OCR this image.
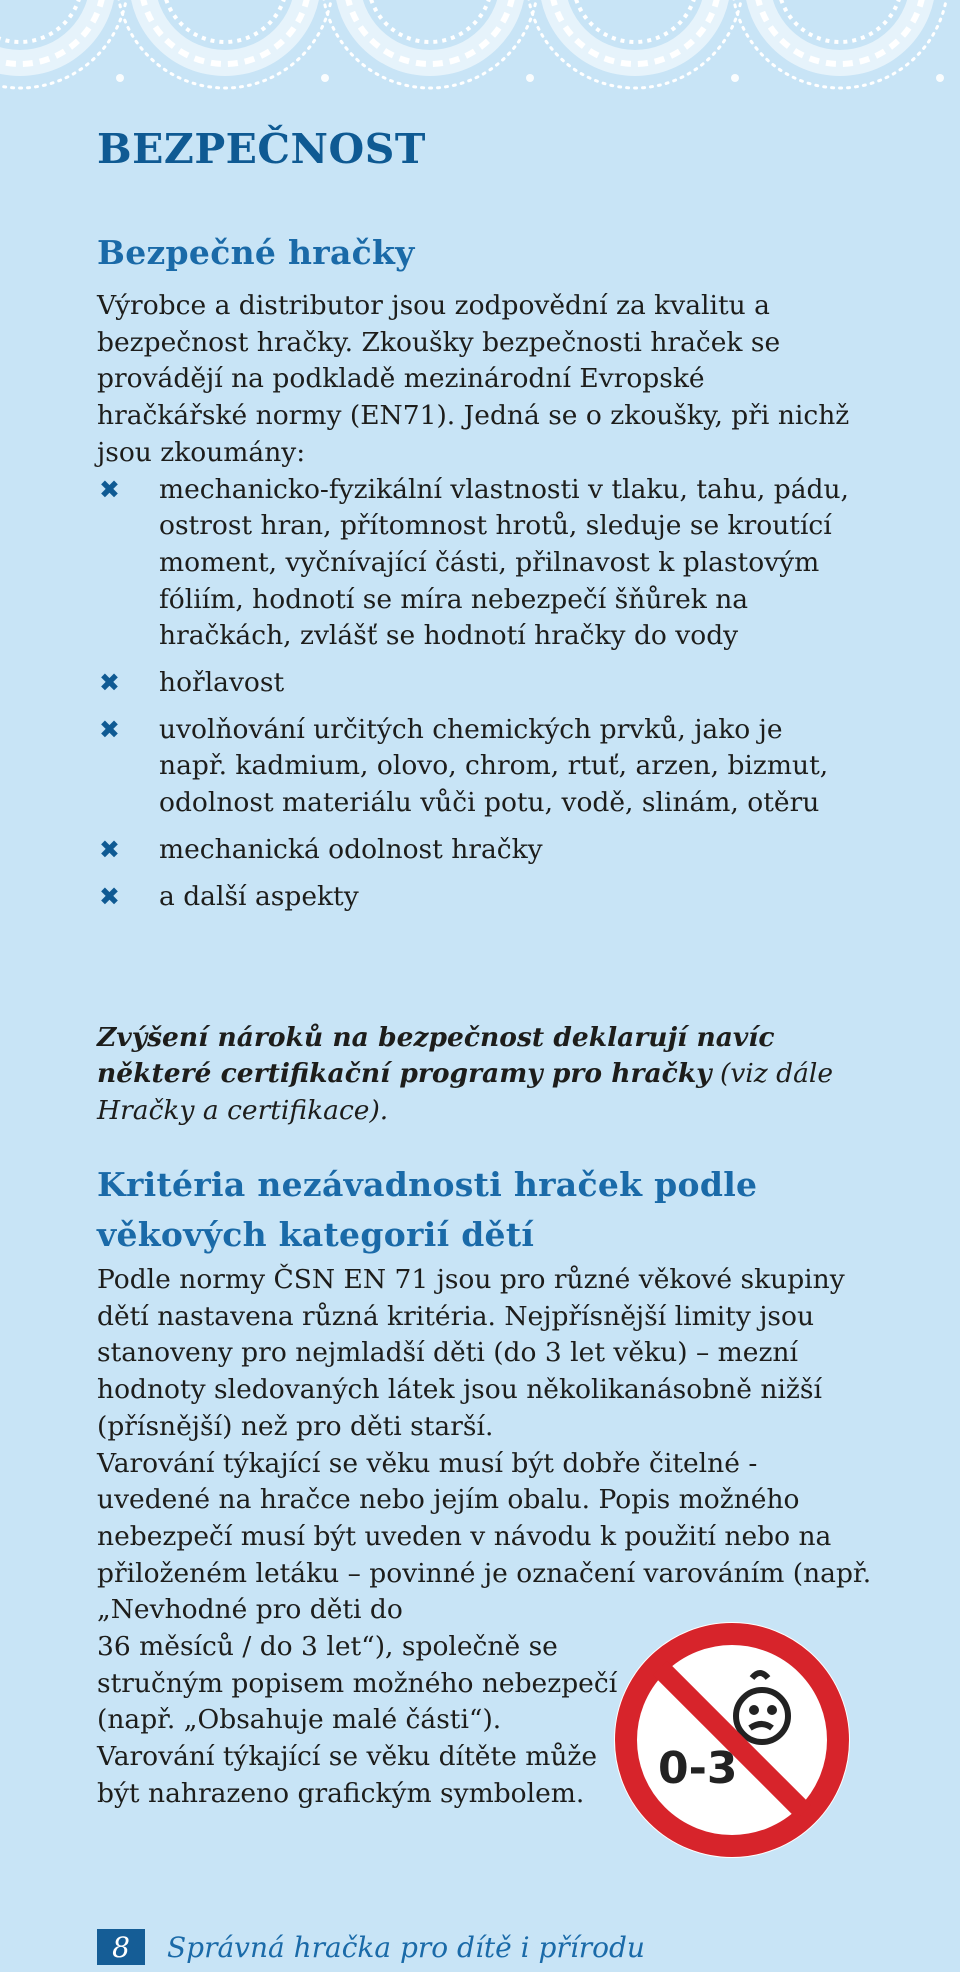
BEZPEČNOST
Bezpečné hračky

Výrobce a distributor jsou zodpovědní za kvalitu a bezpečnost hračky. Zkoušky bezpečnosti hraček se provádějí na podkladě mezinárodní Evropské hračkářské normy (EN71). Jedná se o zkoušky, při nichž jsou zkoumány:

✖ mechanicko-fyzikální vlastnosti v tlaku, tahu, pádu, ostrost hran, přítomnost hrotů, sleduje se kroutící moment, vyčnívající části, přilnavost k plastovým fóliím, hodnotí se míra nebezpečí šňůrek na hračkách, zvlášť se hodnotí hračky do vody
✖ hořlavost
✖ uvolňování určitých chemických prvků, jako je např. kadmium, olovo, chrom, rtuť, arzen, bizmut, odolnost materiálu vůči potu, vodě, slinám, otěru
✖ mechanická odolnost hračky
✖ a další aspekty

Zvýšení nároků na bezpečnost deklarují navíc některé certifikační programy pro hračky (viz dále Hračky a certifikace).

Kritéria nezávadnosti hraček podle věkových kategorií dětí

Podle normy ČSN EN 71 jsou pro různé věkové skupiny dětí nastavena různá kritéria. Nejpřísnější limity jsou stanoveny pro nejmladší děti (do 3 let věku) – mezní hodnoty sledovaných látek jsou několikanásobně nižší (přísnější) než pro děti starší.

Varování týkající se věku musí být dobře čitelné - uvedené na hračce nebo jejím obalu. Popis možného nebezpečí musí být uveden v návodu k použití nebo na přiloženém letáku – povinné je označení varováním (např. „Nevhodné pro děti do

36 měsíců / do 3 let“), společně se stručným popisem možného nebezpečí (např. „Obsahuje malé části“). Varování týkající se věku dítěte může být nahrazeno grafickým symbolem.	0-3
8	Správná hračka pro dítě i přírodu
